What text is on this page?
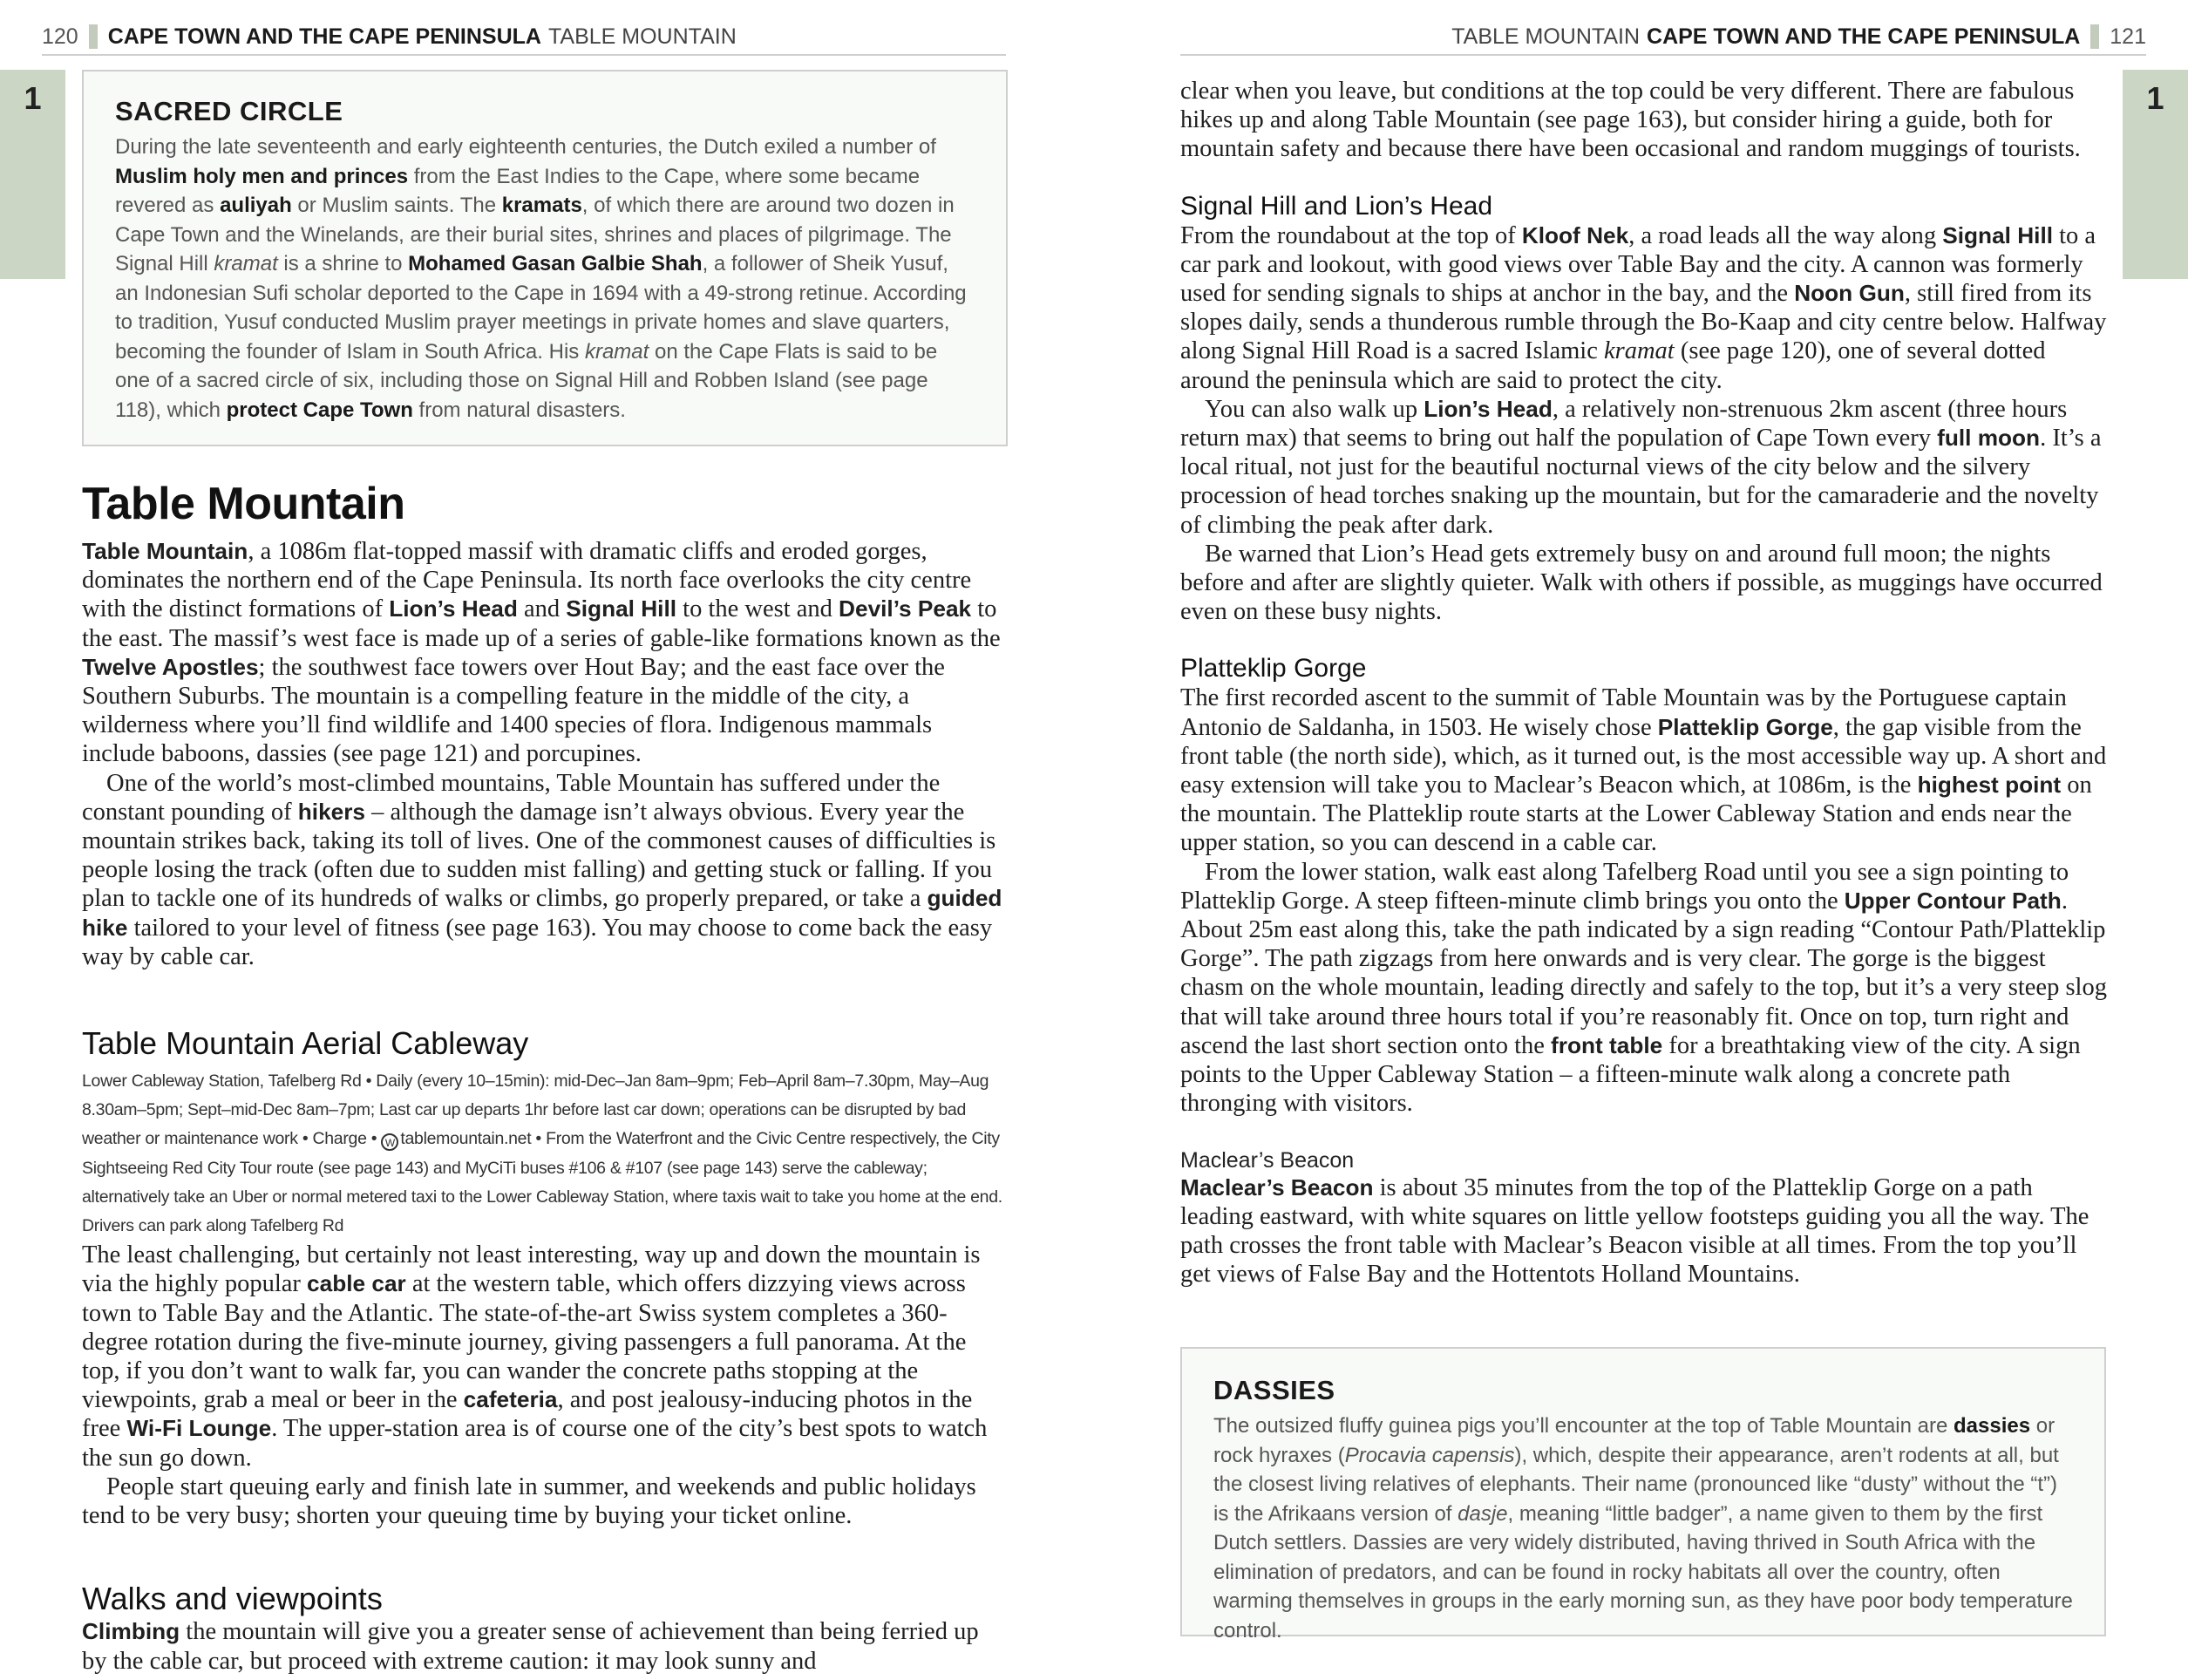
120 CAPE TOWN AND THE CAPE PENINSULA TABLE MOUNTAIN	TABLE MOUNTAIN CAPE TOWN AND THE CAPE PENINSULA 121
1	1
SACRED CIRCLE

During the late seventeenth and early eighteenth centuries, the Dutch exiled a number of Muslim holy men and princes from the East Indies to the Cape, where some became revered as auliyah or Muslim saints. The kramats, of which there are around two dozen in Cape Town and the Winelands, are their burial sites, shrines and places of pilgrimage. The Signal Hill kramat is a shrine to Mohamed Gasan Galbie Shah, a follower of Sheik Yusuf, an Indonesian Sufi scholar deported to the Cape in 1694 with a 49-strong retinue. According to tradition, Yusuf conducted Muslim prayer meetings in private homes and slave quarters, becoming the founder of Islam in South Africa. His kramat on the Cape Flats is said to be one of a sacred circle of six, including those on Signal Hill and Robben Island (see page 118), which protect Cape Town from natural disasters.

Table Mountain

Table Mountain, a 1086m flat-topped massif with dramatic cliffs and eroded gorges, dominates the northern end of the Cape Peninsula. Its north face overlooks the city centre with the distinct formations of Lion’s Head and Signal Hill to the west and Devil’s Peak to the east. The massif’s west face is made up of a series of gable-like formations known as the Twelve Apostles; the southwest face towers over Hout Bay; and the east face over the Southern Suburbs. The mountain is a compelling feature in the middle of the city, a wilderness where you’ll find wildlife and 1400 species of flora. Indigenous mammals include baboons, dassies (see page 121) and porcupines.

One of the world’s most-climbed mountains, Table Mountain has suffered under the constant pounding of hikers – although the damage isn’t always obvious. Every year the mountain strikes back, taking its toll of lives. One of the commonest causes of difficulties is people losing the track (often due to sudden mist falling) and getting stuck or falling. If you plan to tackle one of its hundreds of walks or climbs, go properly prepared, or take a guided hike tailored to your level of fitness (see page 163). You may choose to come back the easy way by cable car.

Table Mountain Aerial Cableway
Lower Cableway Station, Tafelberg Rd • Daily (every 10–15min): mid-Dec–Jan 8am–9pm; Feb–April 8am–7.30pm, May–Aug 8.30am–5pm; Sept–mid-Dec 8am–7pm; Last car up departs 1hr before last car down; operations can be disrupted by bad weather or maintenance work • Charge • W tablemountain.net • From the Waterfront and the Civic Centre respectively, the City Sightseeing Red City Tour route (see page 143) and MyCiTi buses #106 & #107 (see page 143) serve the cableway; alternatively take an Uber or normal metered taxi to the Lower Cableway Station, where taxis wait to take you home at the end. Drivers can park along Tafelberg Rd

The least challenging, but certainly not least interesting, way up and down the mountain is via the highly popular cable car at the western table, which offers dizzying views across town to Table Bay and the Atlantic. The state-of-the-art Swiss system completes a 360-degree rotation during the five-minute journey, giving passengers a full panorama. At the top, if you don’t want to walk far, you can wander the concrete paths stopping at the viewpoints, grab a meal or beer in the cafeteria, and post jealousy-inducing photos in the free Wi-Fi Lounge. The upper-station area is of course one of the city’s best spots to watch the sun go down.

People start queuing early and finish late in summer, and weekends and public holidays tend to be very busy; shorten your queuing time by buying your ticket online.

Walks and viewpoints

Climbing the mountain will give you a greater sense of achievement than being ferried up by the cable car, but proceed with extreme caution: it may look sunny and

clear when you leave, but conditions at the top could be very different. There are fabulous hikes up and along Table Mountain (see page 163), but consider hiring a guide, both for mountain safety and because there have been occasional and random muggings of tourists.

Signal Hill and Lion’s Head

From the roundabout at the top of Kloof Nek, a road leads all the way along Signal Hill to a car park and lookout, with good views over Table Bay and the city. A cannon was formerly used for sending signals to ships at anchor in the bay, and the Noon Gun, still fired from its slopes daily, sends a thunderous rumble through the Bo-Kaap and city centre below. Halfway along Signal Hill Road is a sacred Islamic kramat (see page 120), one of several dotted around the peninsula which are said to protect the city.

You can also walk up Lion’s Head, a relatively non-strenuous 2km ascent (three hours return max) that seems to bring out half the population of Cape Town every full moon. It’s a local ritual, not just for the beautiful nocturnal views of the city below and the silvery procession of head torches snaking up the mountain, but for the camaraderie and the novelty of climbing the peak after dark.

Be warned that Lion’s Head gets extremely busy on and around full moon; the nights before and after are slightly quieter. Walk with others if possible, as muggings have occurred even on these busy nights.

Platteklip Gorge

The first recorded ascent to the summit of Table Mountain was by the Portuguese captain Antonio de Saldanha, in 1503. He wisely chose Platteklip Gorge, the gap visible from the front table (the north side), which, as it turned out, is the most accessible way up. A short and easy extension will take you to Maclear’s Beacon which, at 1086m, is the highest point on the mountain. The Platteklip route starts at the Lower Cableway Station and ends near the upper station, so you can descend in a cable car.

From the lower station, walk east along Tafelberg Road until you see a sign pointing to Platteklip Gorge. A steep fifteen-minute climb brings you onto the Upper Contour Path. About 25m east along this, take the path indicated by a sign reading “Contour Path/Platteklip Gorge”. The path zigzags from here onwards and is very clear. The gorge is the biggest chasm on the whole mountain, leading directly and safely to the top, but it’s a very steep slog that will take around three hours total if you’re reasonably fit. Once on top, turn right and ascend the last short section onto the front table for a breathtaking view of the city. A sign points to the Upper Cableway Station – a fifteen-minute walk along a concrete path thronging with visitors.

Maclear’s Beacon

Maclear’s Beacon is about 35 minutes from the top of the Platteklip Gorge on a path leading eastward, with white squares on little yellow footsteps guiding you all the way. The path crosses the front table with Maclear’s Beacon visible at all times. From the top you’ll get views of False Bay and the Hottentots Holland Mountains.

DASSIES

The outsized fluffy guinea pigs you’ll encounter at the top of Table Mountain are dassies or rock hyraxes (Procavia capensis), which, despite their appearance, aren’t rodents at all, but the closest living relatives of elephants. Their name (pronounced like “dusty” without the “t”) is the Afrikaans version of dasje, meaning “little badger”, a name given to them by the first Dutch settlers. Dassies are very widely distributed, having thrived in South Africa with the elimination of predators, and can be found in rocky habitats all over the country, often warming themselves in groups in the early morning sun, as they have poor body temperature control.
